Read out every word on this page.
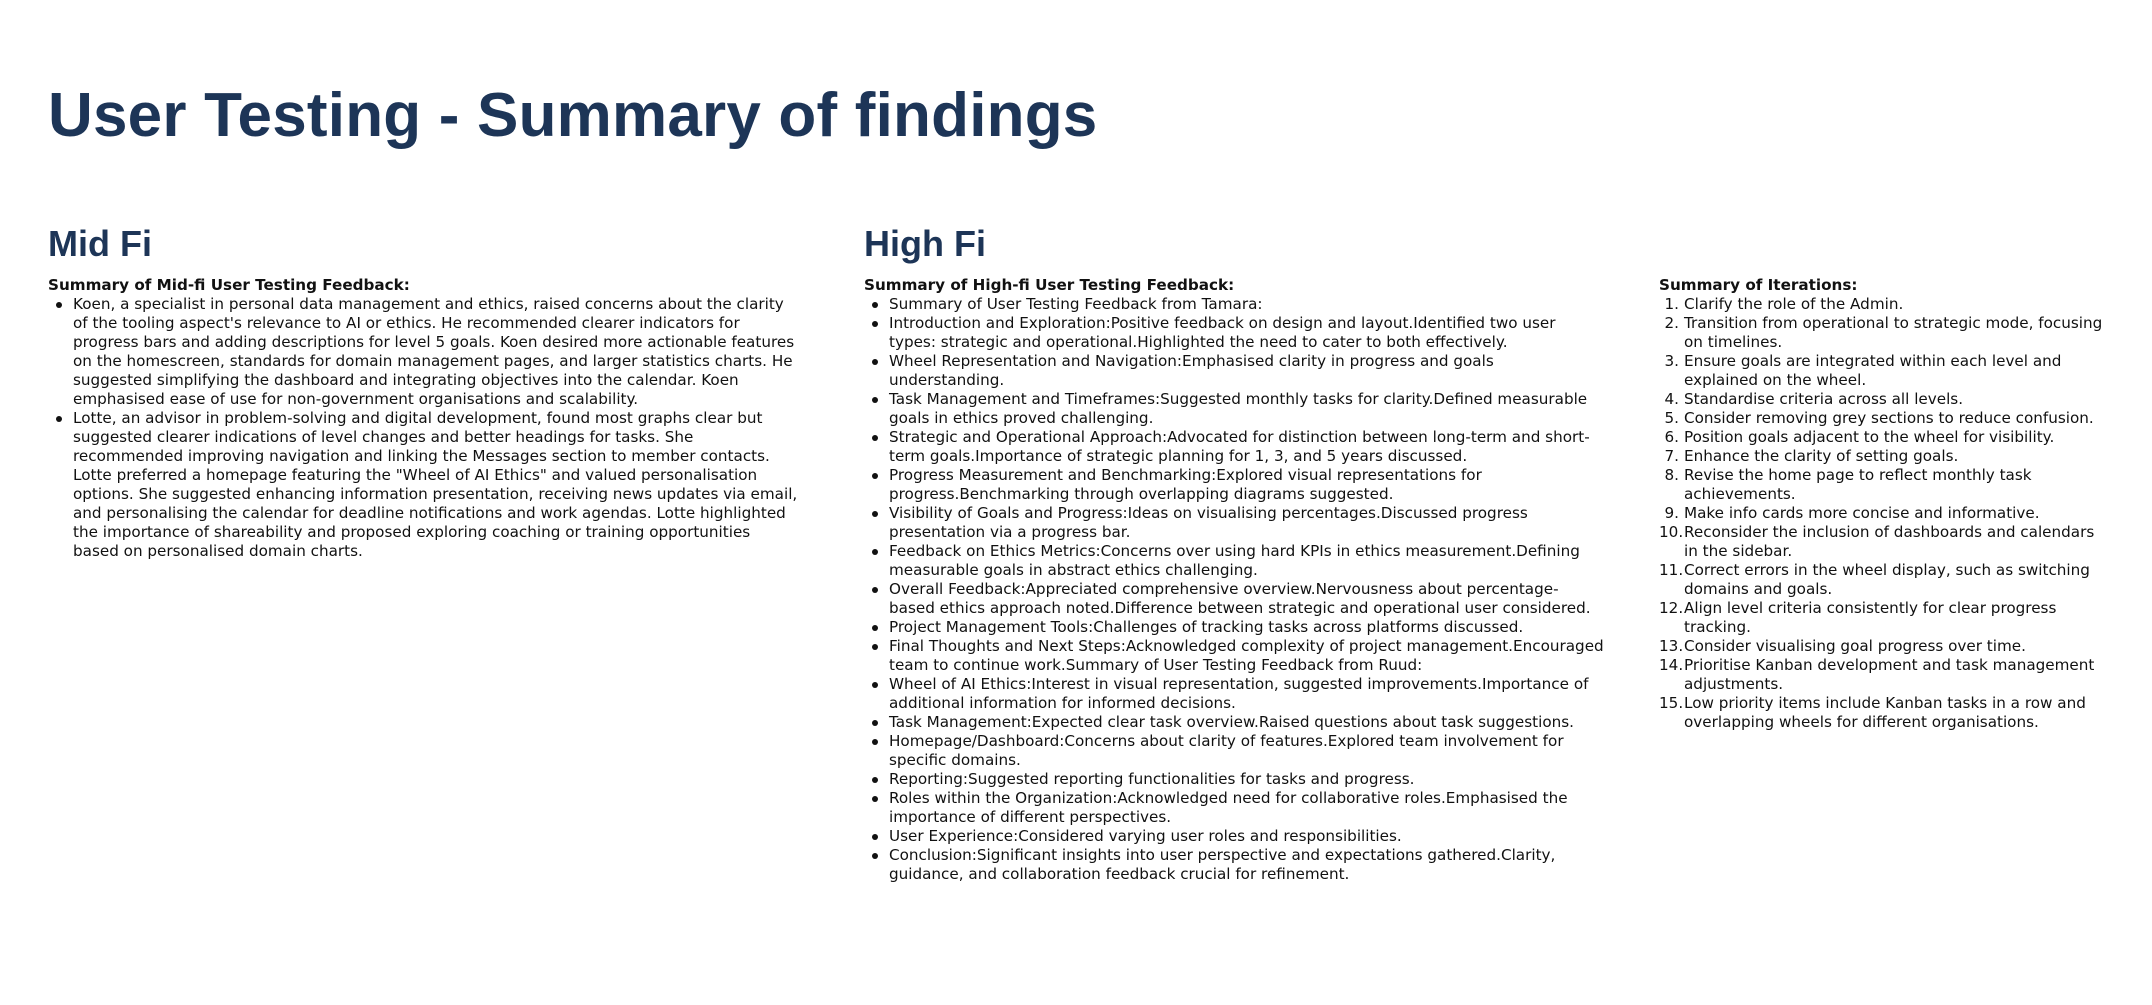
User Testing - Summary of findings
Mid Fi	High Fi

Summary of Mid-fi User Testing Feedback:

Koen, a specialist in personal data management and ethics, raised concerns about the clarity of the tooling aspect's relevance to AI or ethics. He recommended clearer indicators for progress bars and adding descriptions for level 5 goals. Koen desired more actionable features on the homescreen, standards for domain management pages, and larger statistics charts. He suggested simplifying the dashboard and integrating objectives into the calendar. Koen emphasised ease of use for non-government organisations and scalability.
Lotte, an advisor in problem-solving and digital development, found most graphs clear but suggested clearer indications of level changes and better headings for tasks. She recommended improving navigation and linking the Messages section to member contacts. Lotte preferred a homepage featuring the "Wheel of AI Ethics" and valued personalisation options. She suggested enhancing information presentation, receiving news updates via email, and personalising the calendar for deadline notifications and work agendas. Lotte highlighted the importance of shareability and proposed exploring coaching or training opportunities based on personalised domain charts.

Summary of High-fi User Testing Feedback:

Summary of User Testing Feedback from Tamara:
Introduction and Exploration:Positive feedback on design and layout.Identified two user types: strategic and operational.Highlighted the need to cater to both effectively.
Wheel Representation and Navigation:Emphasised clarity in progress and goals understanding.
Task Management and Timeframes:Suggested monthly tasks for clarity.Defined measurable goals in ethics proved challenging.
Strategic and Operational Approach:Advocated for distinction between long-term and short-term goals.Importance of strategic planning for 1, 3, and 5 years discussed.
Progress Measurement and Benchmarking:Explored visual representations for progress.Benchmarking through overlapping diagrams suggested.
Visibility of Goals and Progress:Ideas on visualising percentages.Discussed progress presentation via a progress bar.
Feedback on Ethics Metrics:Concerns over using hard KPIs in ethics measurement.Defining measurable goals in abstract ethics challenging.
Overall Feedback:Appreciated comprehensive overview.Nervousness about percentage-based ethics approach noted.Difference between strategic and operational user considered.
Project Management Tools:Challenges of tracking tasks across platforms discussed.
Final Thoughts and Next Steps:Acknowledged complexity of project management.Encouraged team to continue work.Summary of User Testing Feedback from Ruud:
Wheel of AI Ethics:Interest in visual representation, suggested improvements.Importance of additional information for informed decisions.
Task Management:Expected clear task overview.Raised questions about task suggestions.
Homepage/Dashboard:Concerns about clarity of features.Explored team involvement for specific domains.
Reporting:Suggested reporting functionalities for tasks and progress.
Roles within the Organization:Acknowledged need for collaborative roles.Emphasised the importance of different perspectives.
User Experience:Considered varying user roles and responsibilities.
Conclusion:Significant insights into user perspective and expectations gathered.Clarity, guidance, and collaboration feedback crucial for refinement.

Summary of Iterations:

1. Clarify the role of the Admin.
2. Transition from operational to strategic mode, focusing on timelines.
3. Ensure goals are integrated within each level and explained on the wheel.
4. Standardise criteria across all levels.
5. Consider removing grey sections to reduce confusion.
6. Position goals adjacent to the wheel for visibility.
7. Enhance the clarity of setting goals.
8. Revise the home page to reflect monthly task achievements.
9. Make info cards more concise and informative.
10. Reconsider the inclusion of dashboards and calendars in the sidebar.
11. Correct errors in the wheel display, such as switching domains and goals.
12. Align level criteria consistently for clear progress tracking.
13. Consider visualising goal progress over time.
14. Prioritise Kanban development and task management adjustments.
15. Low priority items include Kanban tasks in a row and overlapping wheels for different organisations.
